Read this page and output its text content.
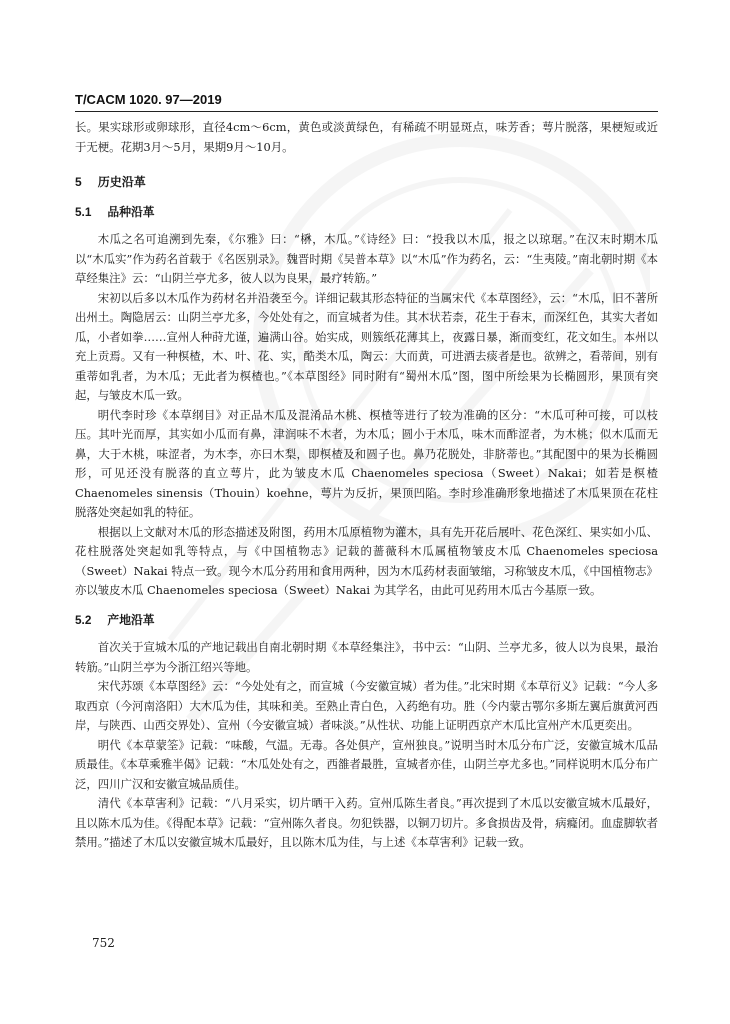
T/CACM 1020. 97—2019

长。果实球形或卵球形，直径4cm～6cm，黄色或淡黄绿色，有稀疏不明显斑点，味芳香；萼片脱落，果梗短或近于无梗。花期3月～5月，果期9月～10月。

5 历史沿革
5.1 品种沿革

木瓜之名可追溯到先秦，《尔雅》曰：“楙，木瓜。”《诗经》曰：“投我以木瓜，报之以琼琚。”在汉末时期木瓜以“木瓜实”作为药名首载于《名医别录》。魏晋时期《吴普本草》以“木瓜”作为药名，云：“生夷陵。”南北朝时期《本草经集注》云：“山阴兰亭尤多，彼人以为良果，最疗转筋。”

宋初以后多以木瓜作为药材名并沿袭至今。详细记载其形态特征的当属宋代《本草图经》，云：“木瓜，旧不著所出州土。陶隐居云：山阴兰亭尤多，今处处有之，而宣城者为佳。其木状若柰，花生于春末，而深红色，其实大者如瓜，小者如拳……宣州人种莳尤谨，遍满山谷。始实成，则簇纸花薄其上，夜露日暴，渐而变红，花文如生。本州以充上贡焉。又有一种榠楂，木、叶、花、实，酷类木瓜，陶云：大而黄，可进酒去痰者是也。欲辨之，看蒂间，别有重蒂如乳者，为木瓜；无此者为榠楂也。”《本草图经》同时附有“蜀州木瓜”图，图中所绘果为长椭圆形，果顶有突起，与皱皮木瓜一致。

明代李时珍《本草纲目》对正品木瓜及混淆品木桃、榠楂等进行了较为准确的区分：“木瓜可种可接，可以枝压。其叶光而厚，其实如小瓜而有鼻，津润味不木者，为木瓜；圆小于木瓜，味木而酢涩者，为木桃；似木瓜而无鼻，大于木桃，味涩者，为木李，亦曰木梨，即榠楂及和圆子也。鼻乃花脱处，非脐蒂也。”其配图中的果为长椭圆形，可见还没有脱落的直立萼片，此为皱皮木瓜 Chaenomeles speciosa（Sweet）Nakai；如若是榠楂 Chaenomeles sinensis（Thouin）koehne，萼片为反折，果顶凹陷。李时珍准确形象地描述了木瓜果顶在花柱脱落处突起如乳的特征。

根据以上文献对木瓜的形态描述及附图，药用木瓜原植物为灌木，具有先开花后展叶、花色深红、果实如小瓜、花柱脱落处突起如乳等特点，与《中国植物志》记载的蔷薇科木瓜属植物皱皮木瓜 Chaenomeles speciosa（Sweet）Nakai 特点一致。现今木瓜分药用和食用两种，因为木瓜药材表面皱缩，习称皱皮木瓜，《中国植物志》亦以皱皮木瓜 Chaenomeles speciosa（Sweet）Nakai 为其学名，由此可见药用木瓜古今基原一致。

5.2 产地沿革

首次关于宣城木瓜的产地记载出自南北朝时期《本草经集注》，书中云：“山阴、兰亭尤多，彼人以为良果，最治转筋。”山阴兰亭为今浙江绍兴等地。

宋代苏颂《本草图经》云：“今处处有之，而宣城（今安徽宣城）者为佳。”北宋时期《本草衍义》记载：“今人多取西京（今河南洛阳）大木瓜为佳，其味和美。至熟止青白色，入药绝有功。胜（今内蒙古鄂尔多斯左翼后旗黄河西岸，与陕西、山西交界处）、宣州（今安徽宣城）者味淡。”从性状、功能上证明西京产木瓜比宣州产木瓜更奕出。

明代《本草蒙筌》记载：“味酸，气温。无毒。各处俱产，宣州独良。”说明当时木瓜分布广泛，安徽宣城木瓜品质最佳。《本草乘雅半偈》记载：“木瓜处处有之，西雒者最胜，宣城者亦佳，山阴兰亭尤多也。”同样说明木瓜分布广泛，四川广汉和安徽宣城品质佳。

清代《本草害利》记载：“八月采实，切片晒干入药。宣州瓜陈生者良。”再次提到了木瓜以安徽宣城木瓜最好，且以陈木瓜为佳。《得配本草》记载：“宣州陈久者良。勿犯铁器，以铜刀切片。多食损齿及骨，病癃闭。血虚脚软者禁用。”描述了木瓜以安徽宣城木瓜最好，且以陈木瓜为佳，与上述《本草害利》记载一致。

752
